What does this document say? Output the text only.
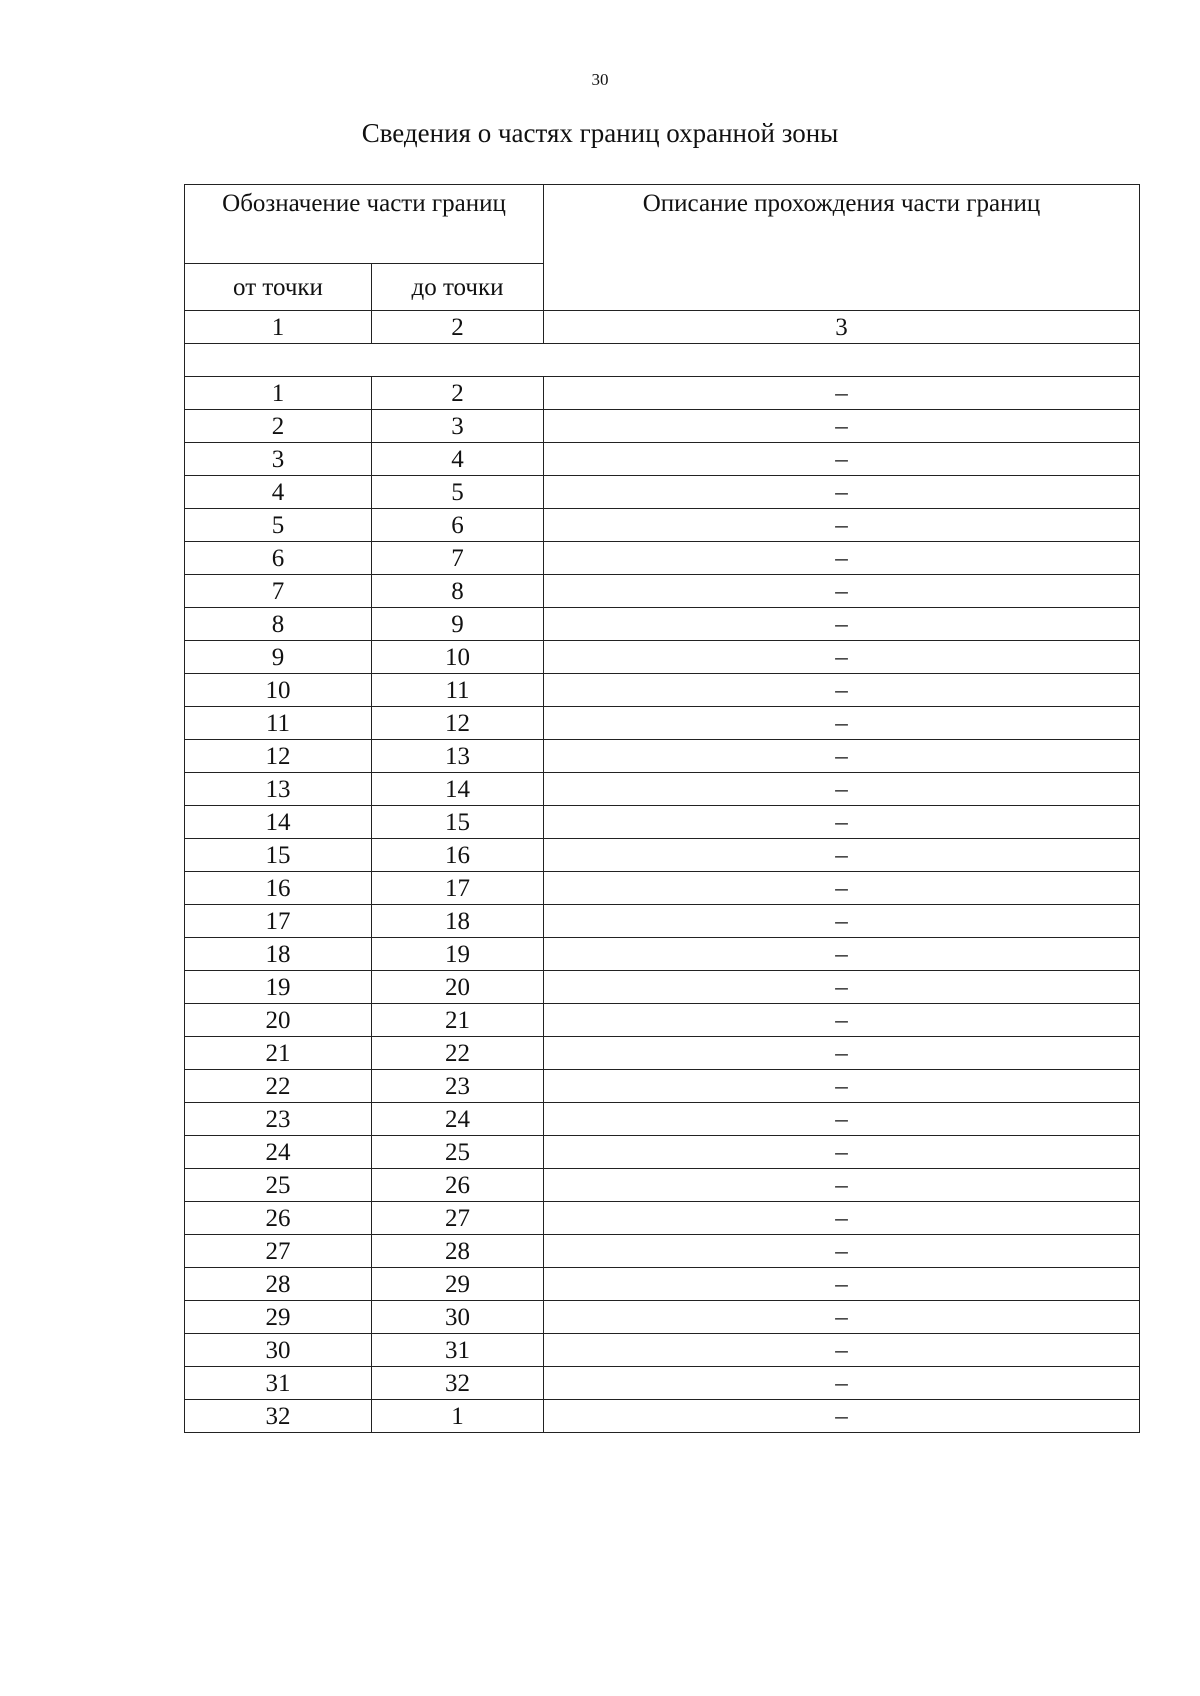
30
Сведения о частях границ охранной зоны
Обозначение части границ		Описание прохождения части границ
от точки	до точки	
1	2	3

1	2	–
2	3	–
3	4	–
4	5	–
5	6	–
6	7	–
7	8	–
8	9	–
9	10	–
10	11	–
11	12	–
12	13	–
13	14	–
14	15	–
15	16	–
16	17	–
17	18	–
18	19	–
19	20	–
20	21	–
21	22	–
22	23	–
23	24	–
24	25	–
25	26	–
26	27	–
27	28	–
28	29	–
29	30	–
30	31	–
31	32	–
32	1	–
